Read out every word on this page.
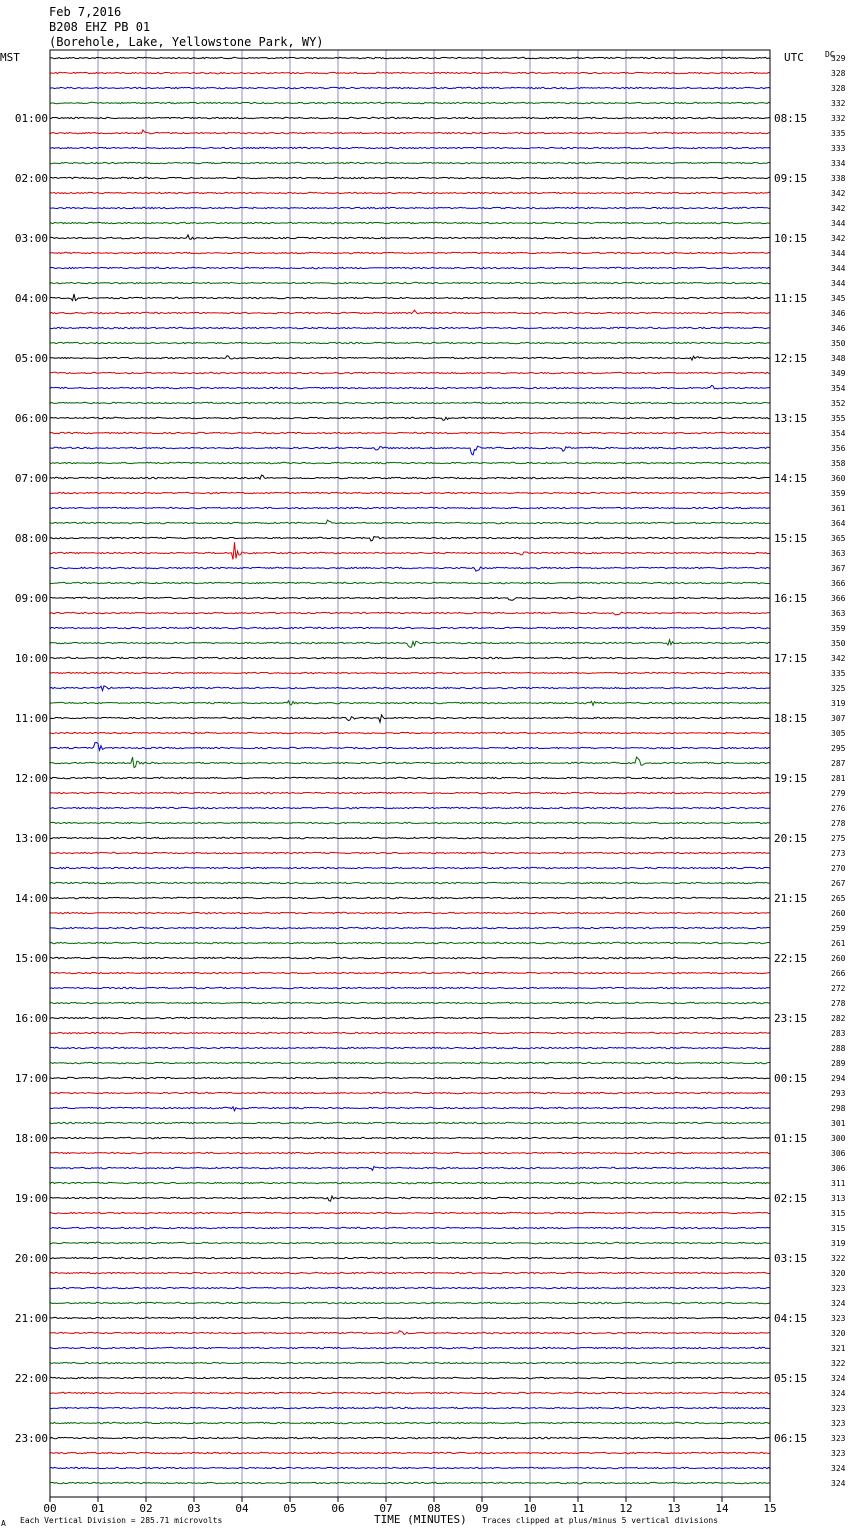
Feb 7,2016
B208 EHZ PB 01
(Borehole, Lake, Yellowstone Park, WY)
MST	UTC	DC
01:00
02:00
03:00
04:00
05:00
06:00
07:00
08:00
09:00
10:00
11:00
12:00
13:00
14:00
15:00
16:00
17:00
18:00
19:00
20:00
21:00
22:00
23:00
08:15
09:15
10:15
11:15
12:15
13:15
14:15
15:15
16:15
17:15
18:15
19:15
20:15
21:15
22:15
23:15
00:15
01:15
02:15
03:15
04:15
05:15
06:15
329
328
328
332
332
335
333
334
338
342
342
344
342
344
344
344
345
346
346
350
348
349
354
352
355
354
356
358
360
359
361
364
365
363
367
366
366
363
359
350
342
335
325
319
307
305
295
287
281
279
276
278
275
273
270
267
265
260
259
261
260
266
272
278
282
283
288
289
294
293
298
301
300
306
306
311
313
315
315
319
322
320
323
324
323
320
321
322
324
324
323
323
323
323
324
324
00	01	02	03	04	05	06	07	08	09	10	11	12	13	14	15
TIME (MINUTES)
Each Vertical Division = 285.71 microvolts	Traces clipped at plus/minus 5 vertical divisions
A
